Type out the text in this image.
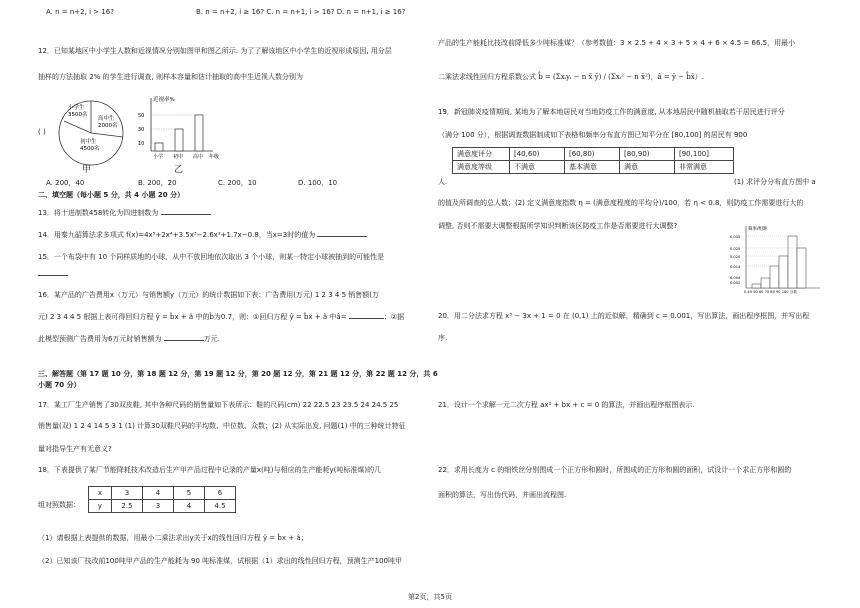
A. n = n+2, i > 16?	B. n = n+2, i ≥ 16? C. n = n+1, i > 16? D. n = n+1, i ≥ 16?
12．已知某地区中小学生人数和近视情况分别如图甲和图乙所示. 为了了解该地区中小学生的近视形成原因, 用分层
抽样的方法抽取 2% 的学生进行调查, 则样本容量和估计抽取的高中生近视人数分别为
( )
小学生
3500名
高中生
2000名
初中生
4500名
甲
近视率%
50
30
10
小学 初中 高中 年级
乙
A. 200，40	B. 200，20	C. 200，10	D. 100，10
二、填空题（每小题 5 分，共 4 小题 20 分）
13．将十进制数458转化为四进制数为
14．用秦九韶算法求多项式 f(x)=4x⁵+2x⁴+3.5x³−2.6x²+1.7x−0.8，当x=3时的值为
15．一个布袋中有 10 个同样质地的小球，从中不放回地依次取出 3 个小球，则某一特定小球被抽到的可能性是
16．某产品的广告费用x（万元）与销售额y（万元）的统计数据如下表：广告费用(万元) 1 2 3 4 5 销售额(万
元) 2 3 4 4 5 根据上表可得回归方程 ŷ = b̂x + â 中的b̂为0.7，则：①回归方程 ŷ = b̂x + â 中â=	；②据
此模型预测广告费用为6万元时销售额为	万元.
三、解答题（第 17 题 10 分，第 18 题 12 分，第 19 题 12 分，第 20 题 12 分，第 21 题 12 分，第 22 题 12 分，共 6
小题 70 分）
17．某工厂生产销售了30双皮鞋, 其中各种尺码的销售量如下表所示：鞋的尺码(cm) 22 22.5 23 23.5 24 24.5 25
销售量(双) 1 2 4 14 5 3 1 (1) 计算30双鞋尺码的平均数、中位数、众数；(2) 从实际出发, 问题(1) 中的三种统计特征
量对指导生产有无意义?
18．下表提供了某厂节能降耗技术改造后生产甲产品过程中记录的产量x(吨)与相应的生产能耗y(吨标准煤)的几
组对照数据：
x	3	4	5	6
y	2.5	3	4	4.5
（1）请根据上表提供的数据，用最小二乘法求出y关于x的线性回归方程 ŷ = b̂x + â；
（2）已知该厂技改前100吨甲产品的生产能耗为 90 吨标准煤，试根据（1）求出的线性回归方程，预测生产100吨甲
产品的生产能耗比技改前降低多少吨标准煤？（参考数值：3 × 2.5 + 4 × 3 + 5 × 4 + 6 × 4.5 = 66.5，用最小
二乘法求线性回归方程系数公式 b̂ = (Σxᵢyᵢ − n x̄ ȳ) / (Σxᵢ² − n x̄²)，â = ȳ − b̂x̄）.
19．新冠肺炎疫情期间, 某地为了解本地居民对当地防疫工作的满意度, 从本地居民中随机抽取若干居民进行评分
（满分 100 分），根据调查数据制成如下表格和频率分布直方图已知平分在 [80,100] 的居民有 900
满意度评分	[40,60)	[60,80)	[80,90)	[90,100]
满意度等级	不满意	基本满意	满意	非常满意
人.	(1) 求评分分布直方图中 a
的值及所调查的总人数；(2) 定义满意度指数 η = (满意度程度的平均分)/100，若 η < 0.8，则防疫工作需要进行大的
调整, 否则不需要大调整根据所学知识判断该区防疫工作是否需要进行大调整?	频率/组距
0.035
0.025
0.020
0.014
0.004
0.002
0 40 50 60 70 80 90 100 分数
20．用二分法求方程 x³ − 3x + 1 = 0 在 (0,1) 上的近似解，精确到 c = 0.001，写出算法，画出程序框图，并写出程
序.
21．设计一个求解一元二次方程 ax² + bx + c = 0 的算法，并画出程序框图表示.
22．求用长度为 c 的细铁丝分别围成一个正方形和圆时，所围成的正方形和圆的面积，试设计一个求正方形和圆的
面积的算法，写出伪代码，并画出流程图.
第2页，共5页
